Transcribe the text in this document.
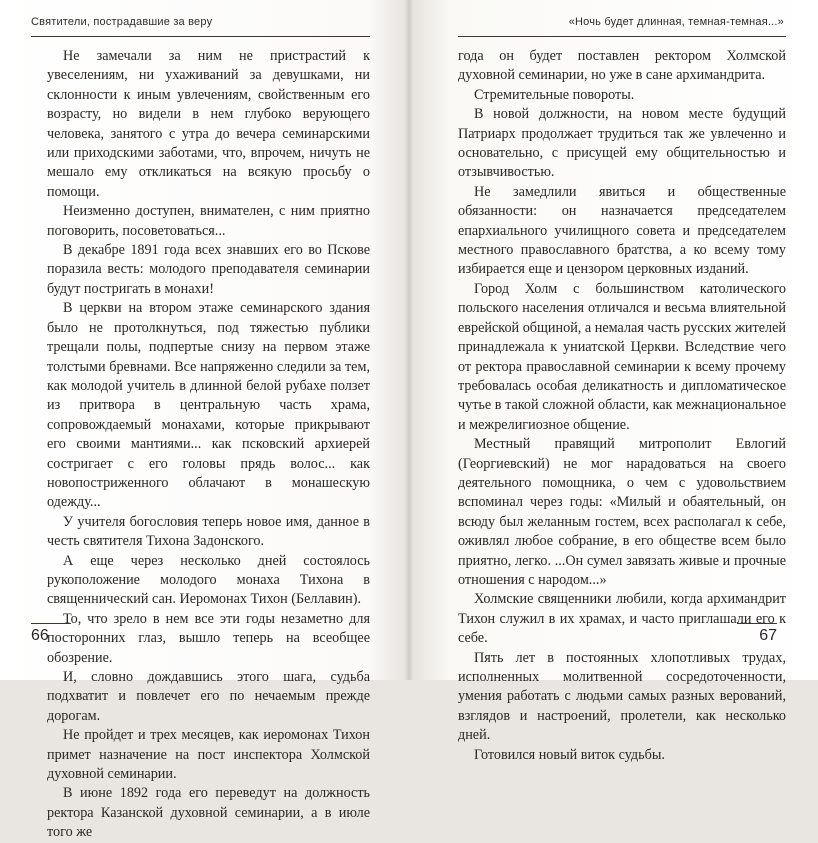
Святители, пострадавшие за веру

Не замечали за ним не пристрастий к увеселениям, ни ухаживаний за девушками, ни склонности к иным увлечениям, свойственным его возрасту, но видели в нем глубоко верующего человека, занятого с утра до вечера семинарскими или приходскими заботами, что, впрочем, ничуть не мешало ему откликаться на всякую просьбу о помощи.

Неизменно доступен, внимателен, с ним приятно поговорить, посоветоваться...

В декабре 1891 года всех знавших его во Пскове поразила весть: молодого преподавателя семинарии будут постригать в монахи!

В церкви на втором этаже семинарского здания было не протолкнуться, под тяжестью публики трещали полы, подпертые снизу на первом этаже толстыми бревнами. Все напряженно следили за тем, как молодой учитель в длинной белой рубахе ползет из притвора в центральную часть храма, сопровождаемый монахами, которые прикрывают его своими мантиями... как псковский архиерей состригает с его головы прядь волос... как новопостриженного облачают в монашескую одежду...

У учителя богословия теперь новое имя, данное в честь святителя Тихона Задонского.

А еще через несколько дней состоялось рукоположение молодого монаха Тихона в священнический сан. Иеромонах Тихон (Беллавин).

То, что зрело в нем все эти годы незаметно для посторонних глаз, вышло теперь на всеобщее обозрение.

И, словно дождавшись этого шага, судьба подхватит и повлечет его по нечаемым прежде дорогам.

Не пройдет и трех месяцев, как иеромонах Тихон примет назначение на пост инспектора Холмской духовной семинарии.

В июне 1892 года его переведут на должность ректора Казанской духовной семинарии, а в июле того же

66
«Ночь будет длинная, темная-темная...»

года он будет поставлен ректором Холмской духовной семинарии, но уже в сане архимандрита.

Стремительные повороты.

В новой должности, на новом месте будущий Патриарх продолжает трудиться так же увлеченно и основательно, с присущей ему общительностью и отзывчивостью.

Не замедлили явиться и общественные обязанности: он назначается председателем епархиального училищного совета и председателем местного православного братства, а ко всему тому избирается еще и цензором церковных изданий.

Город Холм с большинством католического польского населения отличался и весьма влиятельной еврейской общиной, а немалая часть русских жителей принадлежала к униатской Церкви. Вследствие чего от ректора православной семинарии к всему прочему требовалась особая деликатность и дипломатическое чутье в такой сложной области, как межнациональное и межрелигиозное общение.

Местный правящий митрополит Евлогий (Георгиевский) не мог нарадоваться на своего деятельного помощника, о чем с удовольствием вспоминал через годы: «Милый и обаятельный, он всюду был желанным гостем, всех располагал к себе, оживлял любое собрание, в его обществе всем было приятно, легко. ...Он сумел завязать живые и прочные отношения с народом...»

Холмские священники любили, когда архимандрит Тихон служил в их храмах, и часто приглашали его к себе.

Пять лет в постоянных хлопотливых трудах, исполненных молитвенной сосредоточенности, умения работать с людьми самых разных верований, взглядов и настроений, пролетели, как несколько дней.

Готовился новый виток судьбы.

67
